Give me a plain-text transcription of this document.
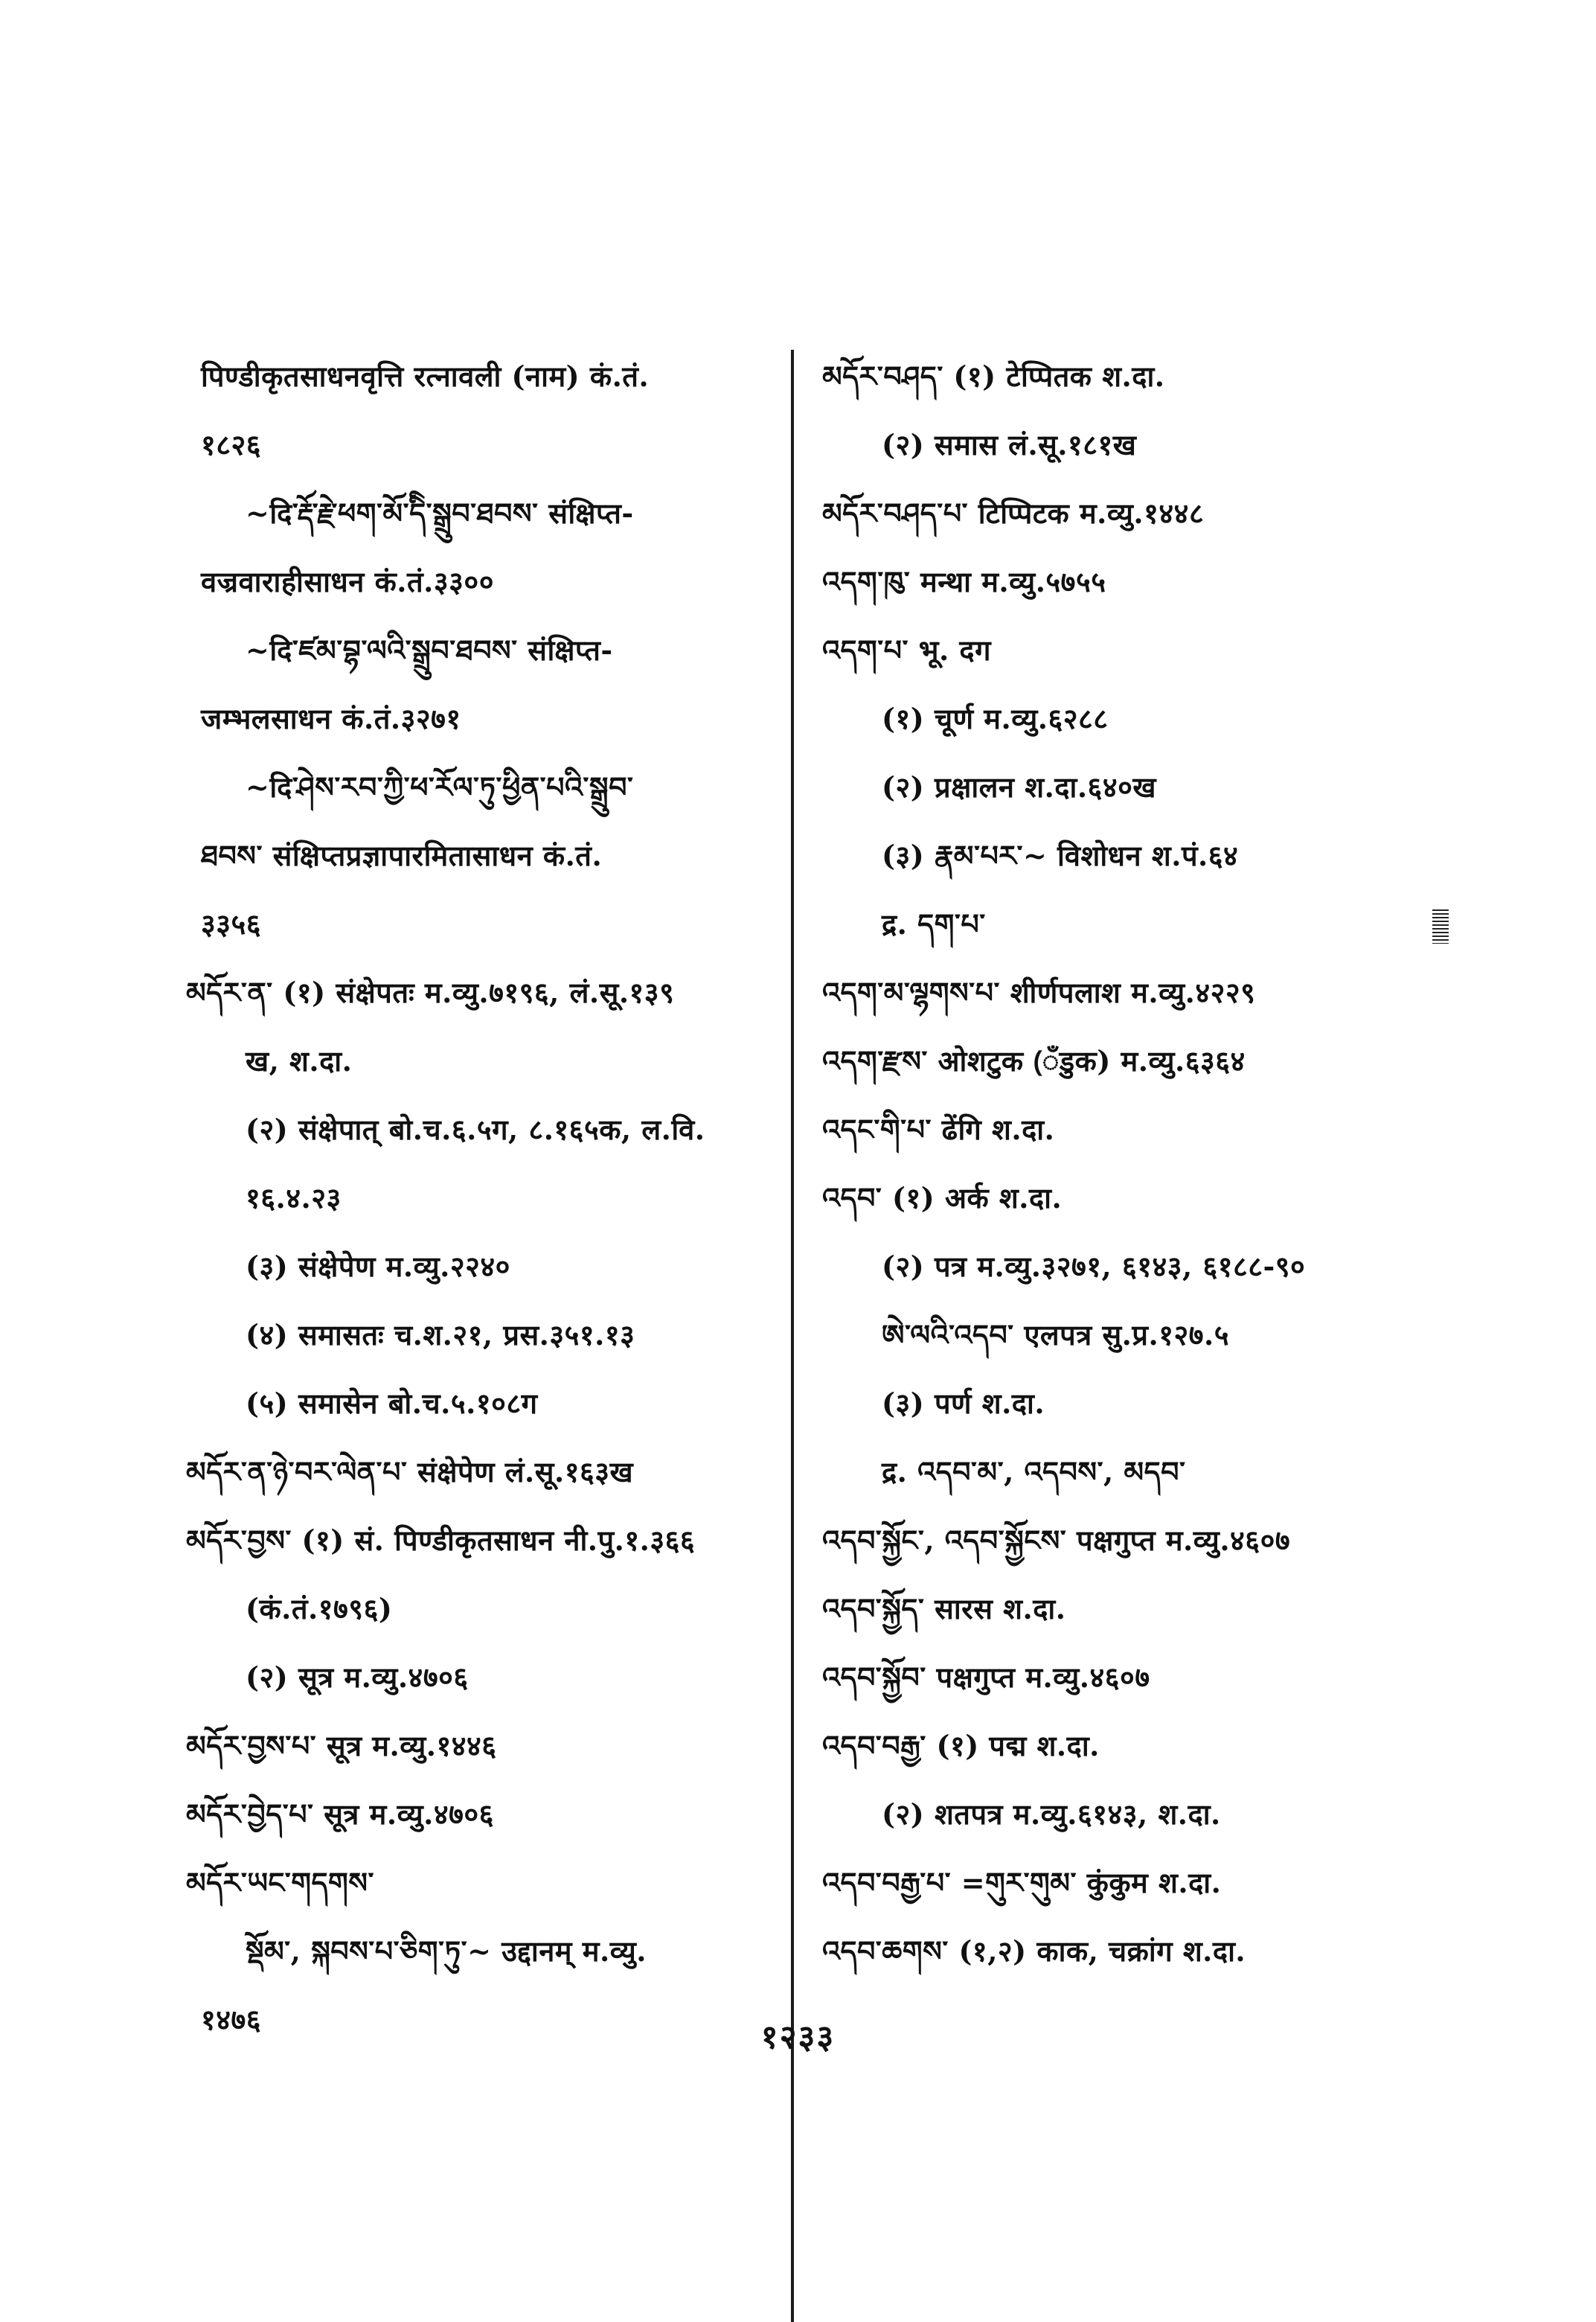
पिण्डीकृतसाधनवृत्ति रत्नावली (नाम) कं.तं.
१८२६
~दि་རྡོ་རྗེ་ཕག་མོ་དིི་སྒྲུབ་ཐབས་ संक्षिप्त-
वज्रवाराहीसाधन कं.तं.३३००
~दि་ཛམ་བྷ་ལའི་སྒྲུབ་ཐབས་ संक्षिप्त-
जम्भलसाधन कं.तं.३२७१
~दि་ཤེས་རབ་ཀྱི་ཕ་རོལ་ཏུ་ཕྱིན་པའི་སྒྲུབ་
ཐབས་ संक्षिप्तप्रज्ञापारमितासाधन कं.तं.
३३५६
མདོར་ན་ (१) संक्षेपतः म.व्यु.७१९६, लं.सू.१३९
ख, श.दा.
(२) संक्षेपात् बो.च.६.५ग, ८.१६५क, ल.वि.
१६.४.२३
(३) संक्षेपेण म.व्यु.२२४०
(४) समासतः च.श.२१, प्रस.३५१.१३
(५) समासेन बो.च.५.१०८ग
མདོར་ན་ཉེ་བར་ལེན་པ་ संक्षेपेण लं.सू.१६३ख
མདོར་བྱས་ (१) सं. पिण्डीकृतसाधन नी.पु.१.३६६
(कं.तं.१७९६)
(२) सूत्र म.व्यु.४७०६
མདོར་བྱས་པ་ सूत्र म.व्यु.१४४६
མདོར་བྱེད་པ་ सूत्र म.व्यु.४७०६
མདོར་ཡང་གདགས་
སྡོམ་, སྐབས་པ་ཅིག་ཏུ་~ उद्दानम् म.व्यु.
१४७६
མདོར་བཤད་ (१) टेप्पितक श.दा.
(२) समास लं.सू.१८१ख
མདོར་བཤད་པ་ टिप्पिटक म.व्यु.१४४८
འདག་ཁུ་ मन्था म.व्यु.५७५५
འདག་པ་ भू. दग
(१) चूर्ण म.व्यु.६२८८
(२) प्रक्षालन श.दा.६४०ख
(३) རྣམ་པར་~ विशोधन श.पं.६४
द्र. དག་པ་
འདག་མ་ལྷགས་པ་ शीर्णपलाश म.व्यु.४२२९
འདག་རྫས་ ओशटुक (ँडुक) म.व्यु.६३६४
འདང་གི་པ་ ढेंगि श.दा.
འདབ་ (१) अर्क श.दा.
(२) पत्र म.व्यु.३२७१, ६१४३, ६१८८-९०
ཨེ་ལའི་འདབ་ एलपत्र सु.प्र.१२७.५
(३) पर्ण श.दा.
द्र. འདབ་མ་, འདབས་, མདབ་
འདབ་སྐྱོང་, འདབ་སྐྱོངས་ पक्षगुप्त म.व्यु.४६०७
འདབ་སྐྱོད་ सारस श.दा.
འདབ་སྐྱོབ་ पक्षगुप्त म.व्यु.४६०७
འདབ་བརྒྱ་ (१) पद्म श.दा.
(२) शतपत्र म.व्यु.६१४३, श.दा.
འདབ་བརྒྱ་པ་ =གུར་གུམ་ कुंकुम श.दा.
འདབ་ཆགས་ (१,२) काक, चक्रांग श.दा.
१२३३
